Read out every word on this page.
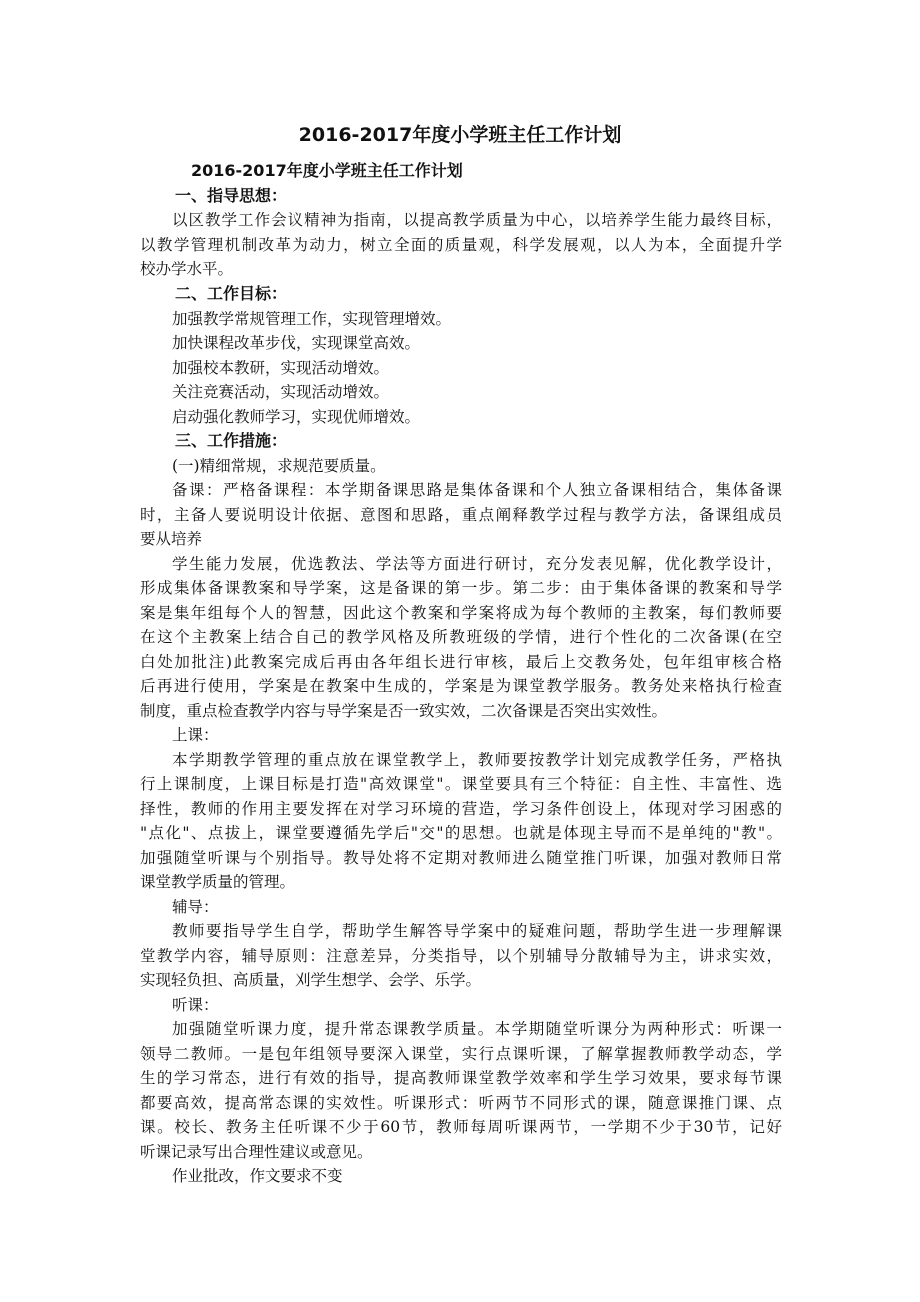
2016-2017年度小学班主任工作计划
2016-2017年度小学班主任工作计划
一、指导思想：
以区教学工作会议精神为指南，以提高教学质量为中心，以培养学生能力最终目标，
以教学管理机制改革为动力，树立全面的质量观，科学发展观，以人为本，全面提升学
校办学水平。
二、工作目标：
加强教学常规管理工作，实现管理增效。
加快课程改革步伐，实现课堂高效。
加强校本教研，实现活动增效。
关注竞赛活动，实现活动增效。
启动强化教师学习，实现优师增效。
三、工作措施：
(一)精细常规，求规范要质量。
备课：严格备课程：本学期备课思路是集体备课和个人独立备课相结合，集体备课
时，主备人要说明设计依据、意图和思路，重点阐释教学过程与教学方法，备课组成员
要从培养
学生能力发展，优选教法、学法等方面进行研讨，充分发表见解，优化教学设计，
形成集体备课教案和导学案，这是备课的第一步。第二步：由于集体备课的教案和导学
案是集年组每个人的智慧，因此这个教案和学案将成为每个教师的主教案，每们教师要
在这个主教案上结合自己的教学风格及所教班级的学情，进行个性化的二次备课(在空
白处加批注)此教案完成后再由各年组长进行审核，最后上交教务处，包年组审核合格
后再进行使用，学案是在教案中生成的，学案是为课堂教学服务。教务处来格执行检查
制度，重点检查教学内容与导学案是否一致实效，二次备课是否突出实效性。
上课：
本学期教学管理的重点放在课堂教学上，教师要按教学计划完成教学任务，严格执
行上课制度，上课目标是打造"高效课堂"。课堂要具有三个特征：自主性、丰富性、选
择性，教师的作用主要发挥在对学习环境的营造，学习条件创设上，体现对学习困惑的
"点化"、点拔上，课堂要遵循先学后"交"的思想。也就是体现主导而不是单纯的"教"。
加强随堂听课与个别指导。教导处将不定期对教师进么随堂推门听课，加强对教师日常
课堂教学质量的管理。
辅导：
教师要指导学生自学，帮助学生解答导学案中的疑难问题，帮助学生进一步理解课
堂教学内容，辅导原则：注意差异，分类指导，以个别辅导分散辅导为主，讲求实效，
实现轻负担、高质量，刈学生想学、会学、乐学。
听课：
加强随堂听课力度，提升常态课教学质量。本学期随堂听课分为两种形式：听课一
领导二教师。一是包年组领导要深入课堂，实行点课听课，了解掌握教师教学动态，学
生的学习常态，进行有效的指导，提高教师课堂教学效率和学生学习效果，要求每节课
都要高效，提高常态课的实效性。听课形式：听两节不同形式的课，随意课推门课、点
课。校长、教务主任听课不少于60节，教师每周听课两节，一学期不少于30节，记好
听课记录写出合理性建议或意见。
作业批改，作文要求不变
